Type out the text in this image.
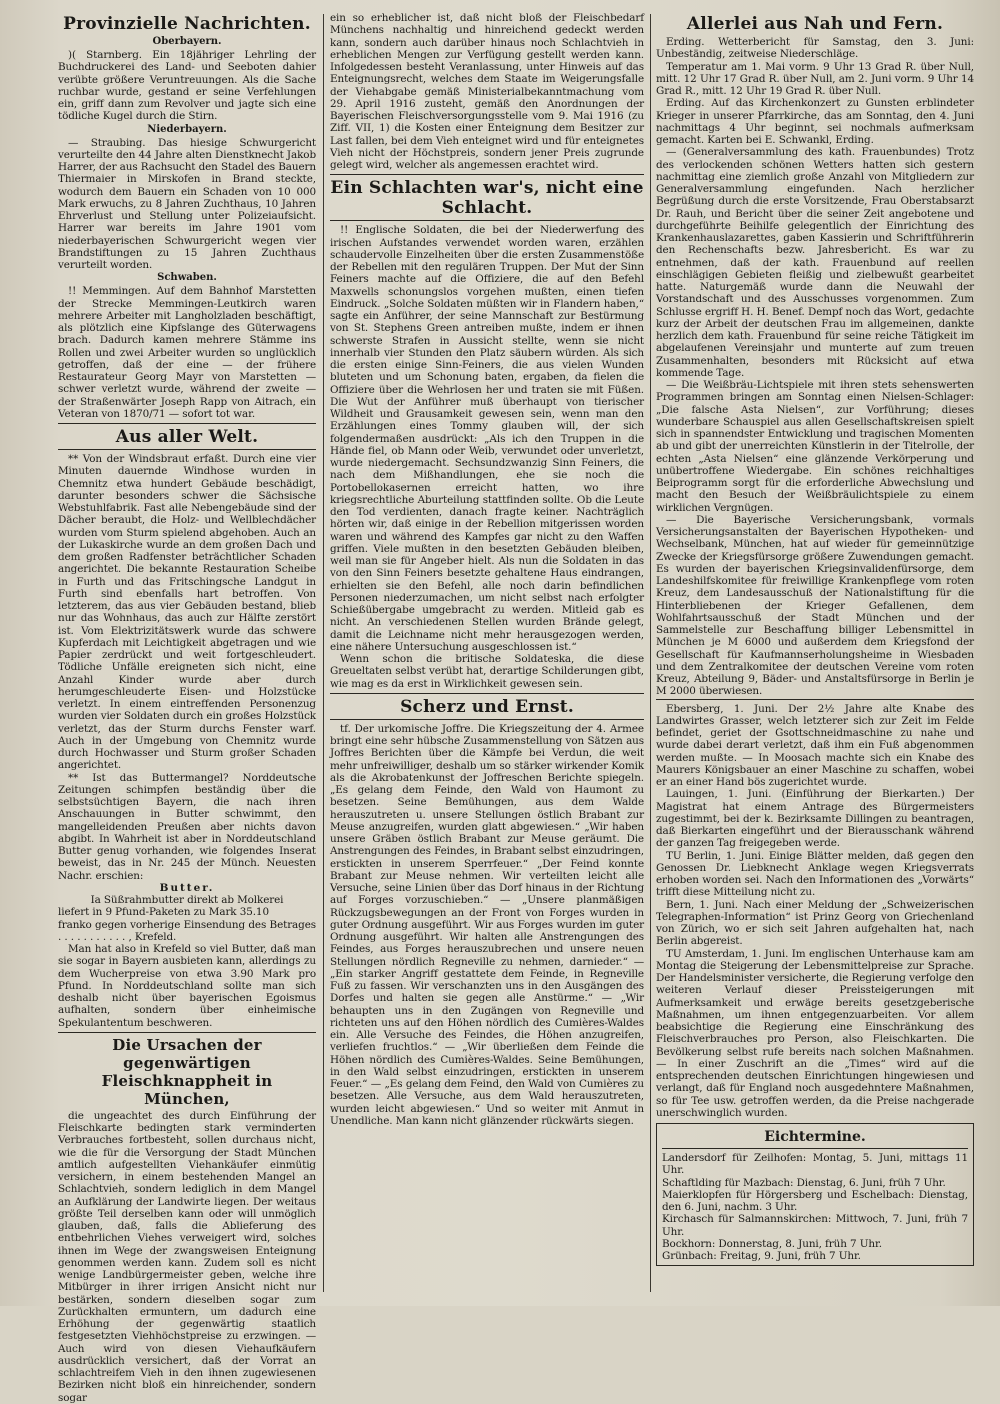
Provinzielle Nachrichten.
Oberbayern.

)( Starnberg. Ein 18jähriger Lehrling der Buchdruckerei des Land- und Seeboten dahier verübte größere Veruntreuungen. Als die Sache ruchbar wurde, gestand er seine Verfehlungen ein, griff dann zum Revolver und jagte sich eine tödliche Kugel durch die Stirn.

Niederbayern.

— Straubing. Das hiesige Schwurgericht verurteilte den 44 Jahre alten Dienstknecht Jakob Harrer, der aus Rachsucht den Stadel des Bauern Thiermaier in Mirskofen in Brand steckte, wodurch dem Bauern ein Schaden von 10 000 Mark erwuchs, zu 8 Jahren Zuchthaus, 10 Jahren Ehrverlust und Stellung unter Polizeiaufsicht. Harrer war bereits im Jahre 1901 vom niederbayerischen Schwurgericht wegen vier Brandstiftungen zu 15 Jahren Zuchthaus verurteilt worden.

Schwaben.

!! Memmingen. Auf dem Bahnhof Marstetten der Strecke Memmingen-Leutkirch waren mehrere Arbeiter mit Langholzladen beschäftigt, als plötzlich eine Kipfslange des Güterwagens brach. Dadurch kamen mehrere Stämme ins Rollen und zwei Arbeiter wurden so unglücklich getroffen, daß der eine — der frühere Restaurateur Georg Mayr von Marstetten — schwer verletzt wurde, während der zweite — der Straßenwärter Joseph Rapp von Aitrach, ein Veteran von 1870/71 — sofort tot war.

Aus aller Welt.

** Von der Windsbraut erfaßt. Durch eine vier Minuten dauernde Windhose wurden in Chemnitz etwa hundert Gebäude beschädigt, darunter besonders schwer die Sächsische Webstuhlfabrik. Fast alle Nebengebäude sind der Dächer beraubt, die Holz- und Wellblechdächer wurden vom Sturm spielend abgehoben. Auch an der Lukaskirche wurde an dem großen Dach und dem großen Radfenster beträchtlicher Schaden angerichtet. Die bekannte Restauration Scheibe in Furth und das Fritschingsche Landgut in Furth sind ebenfalls hart betroffen. Von letzterem, das aus vier Gebäuden bestand, blieb nur das Wohnhaus, das auch zur Hälfte zerstört ist. Vom Elektrizitätswerk wurde das schwere Kupferdach mit Leichtigkeit abgetragen und wie Papier zerdrückt und weit fortgeschleudert. Tödliche Unfälle ereigneten sich nicht, eine Anzahl Kinder wurde aber durch herumgeschleuderte Eisen- und Holzstücke verletzt. In einem eintreffenden Personenzug wurden vier Soldaten durch ein großes Holzstück verletzt, das der Sturm durchs Fenster warf. Auch in der Umgebung von Chemnitz wurde durch Hochwasser und Sturm großer Schaden angerichtet.

** Ist das Buttermangel? Norddeutsche Zeitungen schimpfen beständig über die selbstsüchtigen Bayern, die nach ihren Anschauungen in Butter schwimmt, den mangelleidenden Preußen aber nichts davon abgibt. In Wahrheit ist aber in Norddeutschland Butter genug vorhanden, wie folgendes Inserat beweist, das in Nr. 245 der Münch. Neuesten Nachr. erschien:

Butter.

Ia Süßrahmbutter direkt ab Molkerei

liefert in 9 Pfund-Paketen zu Mark 35.10

franko gegen vorherige Einsendung des Betrages . . . . . . . . . . . , Krefeld.

Man hat also in Krefeld so viel Butter, daß man sie sogar in Bayern ausbieten kann, allerdings zu dem Wucherpreise von etwa 3.90 Mark pro Pfund. In Norddeutschland sollte man sich deshalb nicht über bayerischen Egoismus aufhalten, sondern über einheimische Spekulantentum beschweren.

Die Ursachen der gegenwärtigen Fleischknappheit in München,

die ungeachtet des durch Einführung der Fleischkarte bedingten stark verminderten Verbrauches fortbesteht, sollen durchaus nicht, wie die für die Versorgung der Stadt München amtlich aufgestellten Viehankäufer einmütig versichern, in einem bestehenden Mangel an Schlachtvieh, sondern lediglich in dem Mangel an Aufklärung der Landwirte liegen. Der weitaus größte Teil derselben kann oder will unmöglich glauben, daß, falls die Ablieferung des entbehrlichen Viehes verweigert wird, solches ihnen im Wege der zwangsweisen Enteignung genommen werden kann. Zudem soll es nicht wenige Landbürgermeister geben, welche ihre Mitbürger in ihrer irrigen Ansicht nicht nur bestärken, sondern dieselben sogar zum Zurückhalten ermuntern, um dadurch eine Erhöhung der gegenwärtig staatlich festgesetzten Viehhöchstpreise zu erzwingen. — Auch wird von diesen Viehaufkäufern ausdrücklich versichert, daß der Vorrat an schlachtreifem Vieh in den ihnen zugewiesenen Bezirken nicht bloß ein hinreichender, sondern sogar

ein so erheblicher ist, daß nicht bloß der Fleischbedarf Münchens nachhaltig und hinreichend gedeckt werden kann, sondern auch darüber hinaus noch Schlachtvieh in erheblichen Mengen zur Verfügung gestellt werden kann. Infolgedessen besteht Veranlassung, unter Hinweis auf das Enteignungsrecht, welches dem Staate im Weigerungsfalle der Viehabgabe gemäß Ministerialbekanntmachung vom 29. April 1916 zusteht, gemäß den Anordnungen der Bayerischen Fleischversorgungsstelle vom 9. Mai 1916 (zu Ziff. VII, 1) die Kosten einer Enteignung dem Besitzer zur Last fallen, bei dem Vieh enteignet wird und für enteignetes Vieh nicht der Höchstpreis, sondern jener Preis zugrunde gelegt wird, welcher als angemessen erachtet wird.

Ein Schlachten war's, nicht eine Schlacht.

!! Englische Soldaten, die bei der Niederwerfung des irischen Aufstandes verwendet worden waren, erzählen schaudervolle Einzelheiten über die ersten Zusammenstöße der Rebellen mit den regulären Truppen. Der Mut der Sinn Feiners machte auf die Offiziere, die auf den Befehl Maxwells schonungslos vorgehen mußten, einen tiefen Eindruck. „Solche Soldaten müßten wir in Flandern haben,“ sagte ein Anführer, der seine Mannschaft zur Bestürmung von St. Stephens Green antreiben mußte, indem er ihnen schwerste Strafen in Aussicht stellte, wenn sie nicht innerhalb vier Stunden den Platz säubern würden. Als sich die ersten einige Sinn-Feiners, die aus vielen Wunden bluteten und um Schonung baten, ergaben, da fielen die Offiziere über die Wehrlosen her und traten sie mit Füßen. Die Wut der Anführer muß überhaupt von tierischer Wildheit und Grausamkeit gewesen sein, wenn man den Erzählungen eines Tommy glauben will, der sich folgendermaßen ausdrückt: „Als ich den Truppen in die Hände fiel, ob Mann oder Weib, verwundet oder unverletzt, wurde niedergemacht. Sechsundzwanzig Sinn Feiners, die nach dem Mißhandlungen, ehe sie noch die Portobellokasernen erreicht hatten, wo ihre kriegsrechtliche Aburteilung stattfinden sollte. Ob die Leute den Tod verdienten, danach fragte keiner. Nachträglich hörten wir, daß einige in der Rebellion mitgerissen worden waren und während des Kampfes gar nicht zu den Waffen griffen. Viele mußten in den besetzten Gebäuden bleiben, weil man sie für Angeber hielt. Als nun die Soldaten in das von den Sinn Feiners besetzte gehaltene Haus eindrangen, erhielten sie den Befehl, alle noch darin befindlichen Personen niederzumachen, um nicht selbst nach erfolgter Schießübergabe umgebracht zu werden. Mitleid gab es nicht. An verschiedenen Stellen wurden Brände gelegt, damit die Leichname nicht mehr herausgezogen werden, eine nähere Untersuchung ausgeschlossen ist.“

Wenn schon die britische Soldateska, die diese Greueltaten selbst verübt hat, derartige Schilderungen gibt, wie mag es da erst in Wirklichkeit gewesen sein.

Scherz und Ernst.

tf. Der urkomische Joffre. Die Kriegszeitung der 4. Armee bringt eine sehr hübsche Zusammenstellung von Sätzen aus Joffres Berichten über die Kämpfe bei Verdun, die weit mehr unfreiwilliger, deshalb um so stärker wirkender Komik als die Akrobatenkunst der Joffreschen Berichte spiegeln. „Es gelang dem Feinde, den Wald von Haumont zu besetzen. Seine Bemühungen, aus dem Walde herauszutreten u. unsere Stellungen östlich Brabant zur Meuse anzugreifen, wurden glatt abgewiesen.“ „Wir haben unsere Gräben östlich Brabant zur Meuse geräumt. Die Anstrengungen des Feindes, in Brabant selbst einzudringen, erstickten in unserem Sperrfeuer.“ „Der Feind konnte Brabant zur Meuse nehmen. Wir verteilten leicht alle Versuche, seine Linien über das Dorf hinaus in der Richtung auf Forges vorzuschieben.“ — „Unsere planmäßigen Rückzugsbewegungen an der Front von Forges wurden in guter Ordnung ausgeführt. Wir aus Forges wurden im guter Ordnung ausgeführt. Wir halten alle Anstrengungen des Feindes, aus Forges herauszubrechen und unsere neuen Stellungen nördlich Regneville zu nehmen, darnieder.“ — „Ein starker Angriff gestattete dem Feinde, in Regneville Fuß zu fassen. Wir verschanzten uns in den Ausgängen des Dorfes und halten sie gegen alle Anstürme.“ — „Wir behaupten uns in den Zugängen von Regneville und richteten uns auf den Höhen nördlich des Cumières-Waldes ein. Alle Versuche des Feindes, die Höhen anzugreifen, verliefen fruchtlos.“ — „Wir überließen dem Feinde die Höhen nördlich des Cumières-Waldes. Seine Bemühungen, in den Wald selbst einzudringen, erstickten in unserem Feuer.“ — „Es gelang dem Feind, den Wald von Cumières zu besetzen. Alle Versuche, aus dem Wald herauszutreten, wurden leicht abgewiesen.“ Und so weiter mit Anmut in Unendliche. Man kann nicht glänzender rückwärts siegen.

Allerlei aus Nah und Fern.

Erding. Wetterbericht für Samstag, den 3. Juni: Unbeständig, zeitweise Niederschläge.

Temperatur am 1. Mai vorm. 9 Uhr 13 Grad R. über Null, mitt. 12 Uhr 17 Grad R. über Null, am 2. Juni vorm. 9 Uhr 14 Grad R., mitt. 12 Uhr 19 Grad R. über Null.

Erding. Auf das Kirchenkonzert zu Gunsten erblindeter Krieger in unserer Pfarrkirche, das am Sonntag, den 4. Juni nachmittags 4 Uhr beginnt, sei nochmals aufmerksam gemacht. Karten bei E. Schwankl, Erding.

— (Generalversammlung des kath. Frauenbundes) Trotz des verlockenden schönen Wetters hatten sich gestern nachmittag eine ziemlich große Anzahl von Mitgliedern zur Generalversammlung eingefunden. Nach herzlicher Begrüßung durch die erste Vorsitzende, Frau Oberstabsarzt Dr. Rauh, und Bericht über die seiner Zeit angebotene und durchgeführte Beihilfe gelegentlich der Einrichtung des Krankenhauslazarettes, gaben Kassierin und Schriftführerin den Rechenschafts bezw. Jahresbericht. Es war zu entnehmen, daß der kath. Frauenbund auf reellen einschlägigen Gebieten fleißig und zielbewußt gearbeitet hatte. Naturgemäß wurde dann die Neuwahl der Vorstandschaft und des Ausschusses vorgenommen. Zum Schlusse ergriff H. H. Benef. Dempf noch das Wort, gedachte kurz der Arbeit der deutschen Frau im allgemeinen, dankte herzlich dem kath. Frauenbund für seine reiche Tätigkeit im abgelaufenen Vereinsjahr und munterte auf zum treuen Zusammenhalten, besonders mit Rücksicht auf etwa kommende Tage.

— Die Weißbräu-Lichtspiele mit ihren stets sehenswerten Programmen bringen am Sonntag einen Nielsen-Schlager: „Die falsche Asta Nielsen“, zur Vorführung; dieses wunderbare Schauspiel aus allen Gesellschaftskreisen spielt sich in spannendster Entwicklung und tragischen Momenten ab und gibt der unerreichten Künstlerin in der Titelrolle, der echten „Asta Nielsen“ eine glänzende Verkörperung und unübertroffene Wiedergabe. Ein schönes reichhaltiges Beiprogramm sorgt für die erforderliche Abwechslung und macht den Besuch der Weißbräulichtspiele zu einem wirklichen Vergnügen.

— Die Bayerische Versicherungsbank, vormals Versicherungsanstalten der Bayerischen Hypotheken- und Wechselbank, München, hat auf wieder für gemeinnützige Zwecke der Kriegsfürsorge größere Zuwendungen gemacht. Es wurden der bayerischen Kriegsinvalidenfürsorge, dem Landeshilfskomitee für freiwillige Krankenpflege vom roten Kreuz, dem Landesausschuß der Nationalstiftung für die Hinterbliebenen der Krieger Gefallenen, dem Wohlfahrtsausschuß der Stadt München und der Sammelstelle zur Beschaffung billiger Lebensmittel in München je M 6000 und außerdem dem Kriegsfond der Gesellschaft für Kaufmannserholungsheime in Wiesbaden und dem Zentralkomitee der deutschen Vereine vom roten Kreuz, Abteilung 9, Bäder- und Anstaltsfürsorge in Berlin je M 2000 überwiesen.

Ebersberg, 1. Juni. Der 2½ Jahre alte Knabe des Landwirtes Grasser, welch letzterer sich zur Zeit im Felde befindet, geriet der Gsottschneidmaschine zu nahe und wurde dabei derart verletzt, daß ihm ein Fuß abgenommen werden mußte. — In Moosach machte sich ein Knabe des Maurers Königsbauer an einer Maschine zu schaffen, wobei er an einer Hand bös zugerichtet wurde.

Lauingen, 1. Juni. (Einführung der Bierkarten.) Der Magistrat hat einem Antrage des Bürgermeisters zugestimmt, bei der k. Bezirksamte Dillingen zu beantragen, daß Bierkarten eingeführt und der Bierausschank während der ganzen Tag freigegeben werde.

TU Berlin, 1. Juni. Einige Blätter melden, daß gegen den Genossen Dr. Liebknecht Anklage wegen Kriegsverrats erhoben worden sei. Nach den Informationen des „Vorwärts“ trifft diese Mitteilung nicht zu.

Bern, 1. Juni. Nach einer Meldung der „Schweizerischen Telegraphen-Information“ ist Prinz Georg von Griechenland von Zürich, wo er sich seit Jahren aufgehalten hat, nach Berlin abgereist.

TU Amsterdam, 1. Juni. Im englischen Unterhause kam am Montag die Steigerung der Lebensmittelpreise zur Sprache. Der Handelsminister versicherte, die Regierung verfolge den weiteren Verlauf dieser Preissteigerungen mit Aufmerksamkeit und erwäge bereits gesetzgeberische Maßnahmen, um ihnen entgegenzuarbeiten. Vor allem beabsichtige die Regierung eine Einschränkung des Fleischverbrauches pro Person, also Fleischkarten. Die Bevölkerung selbst rufe bereits nach solchen Maßnahmen. — In einer Zuschrift an die „Times“ wird auf die entsprechenden deutschen Einrichtungen hingewiesen und verlangt, daß für England noch ausgedehntere Maßnahmen, so für Tee usw. getroffen werden, da die Preise nachgerade unerschwinglich wurden.

Eichtermine.

Landersdorf für Zeilhofen: Montag, 5. Juni, mittags 11 Uhr.

Schaftlding für Mazbach: Dienstag, 6. Juni, früh 7 Uhr.

Maierklopfen für Hörgersberg und Eschelbach: Dienstag, den 6. Juni, nachm. 3 Uhr.

Kirchasch für Salmannskirchen: Mittwoch, 7. Juni, früh 7 Uhr.

Bockhorn: Donnerstag, 8. Juni, früh 7 Uhr.

Grünbach: Freitag, 9. Juni, früh 7 Uhr.
